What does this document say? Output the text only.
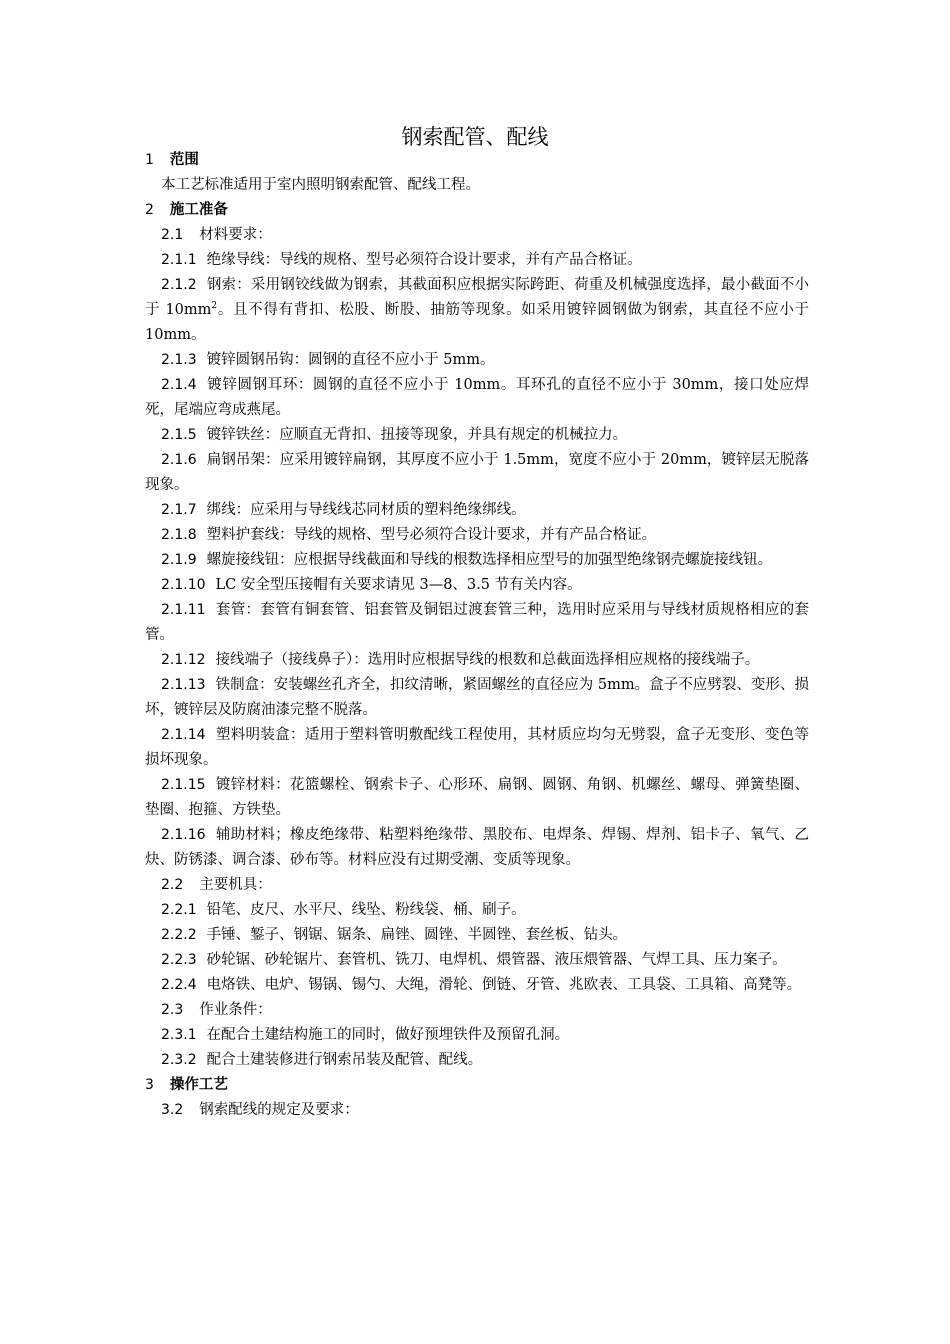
钢索配管、配线

1 范围

本工艺标准适用于室内照明钢索配管、配线工程。

2 施工准备

2.1 材料要求：

2.1.1 绝缘导线：导线的规格、型号必须符合设计要求，并有产品合格证。

2.1.2 钢索：采用钢铰线做为钢索，其截面积应根据实际跨距、荷重及机械强度选择，最小截面不小于 $10mm^2$。且不得有背扣、松股、断股、抽筋等现象。如采用镀锌圆钢做为钢索，其直径不应小于 10mm。

2.1.3 镀锌圆钢吊钩：圆钢的直径不应小于 5mm。

2.1.4 镀锌圆钢耳环：圆钢的直径不应小于 10mm。耳环孔的直径不应小于 30mm，接口处应焊死，尾端应弯成燕尾。

2.1.5 镀锌铁丝：应顺直无背扣、扭接等现象，并具有规定的机械拉力。

2.1.6 扁钢吊架：应采用镀锌扁钢，其厚度不应小于 1.5mm，宽度不应小于 20mm，镀锌层无脱落现象。

2.1.7 绑线：应采用与导线线芯同材质的塑料绝缘绑线。

2.1.8 塑料护套线：导线的规格、型号必须符合设计要求，并有产品合格证。

2.1.9 螺旋接线钮：应根据导线截面和导线的根数选择相应型号的加强型绝缘钢壳螺旋接线钮。

2.1.10 LC 安全型压接帽有关要求请见 3—8、3.5 节有关内容。

2.1.11 套管：套管有铜套管、铝套管及铜铝过渡套管三种，选用时应采用与导线材质规格相应的套管。

2.1.12 接线端子（接线鼻子）：选用时应根据导线的根数和总截面选择相应规格的接线端子。

2.1.13 铁制盒：安装螺丝孔齐全，扣纹清晰，紧固螺丝的直径应为 5mm。盒子不应劈裂、变形、损坏，镀锌层及防腐油漆完整不脱落。

2.1.14 塑料明装盒：适用于塑料管明敷配线工程使用，其材质应均匀无劈裂，盒子无变形、变色等损坏现象。

2.1.15 镀锌材料：花篮螺栓、钢索卡子、心形环、扁钢、圆钢、角钢、机螺丝、螺母、弹簧垫圈、垫圈、抱箍、方铁垫。

2.1.16 辅助材料；橡皮绝缘带、粘塑料绝缘带、黑胶布、电焊条、焊锡、焊剂、铝卡子、氧气、乙炔、防锈漆、调合漆、砂布等。材料应没有过期受潮、变质等现象。

2.2 主要机具：

2.2.1 铅笔、皮尺、水平尺、线坠、粉线袋、桶、刷子。

2.2.2 手锤、錾子、钢锯、锯条、扁锉、圆锉、半圆锉、套丝板、钻头。

2.2.3 砂轮锯、砂轮锯片、套管机、铣刀、电焊机、煨管器、液压煨管器、气焊工具、压力案子。

2.2.4 电烙铁、电炉、锡锅、锡勺、大绳，滑轮、倒链、牙管、兆欧表、工具袋、工具箱、高凳等。

2.3 作业条件：

2.3.1 在配合土建结构施工的同时，做好预埋铁件及预留孔洞。

2.3.2 配合土建装修进行钢索吊装及配管、配线。

3 操作工艺

3.2 钢索配线的规定及要求：
